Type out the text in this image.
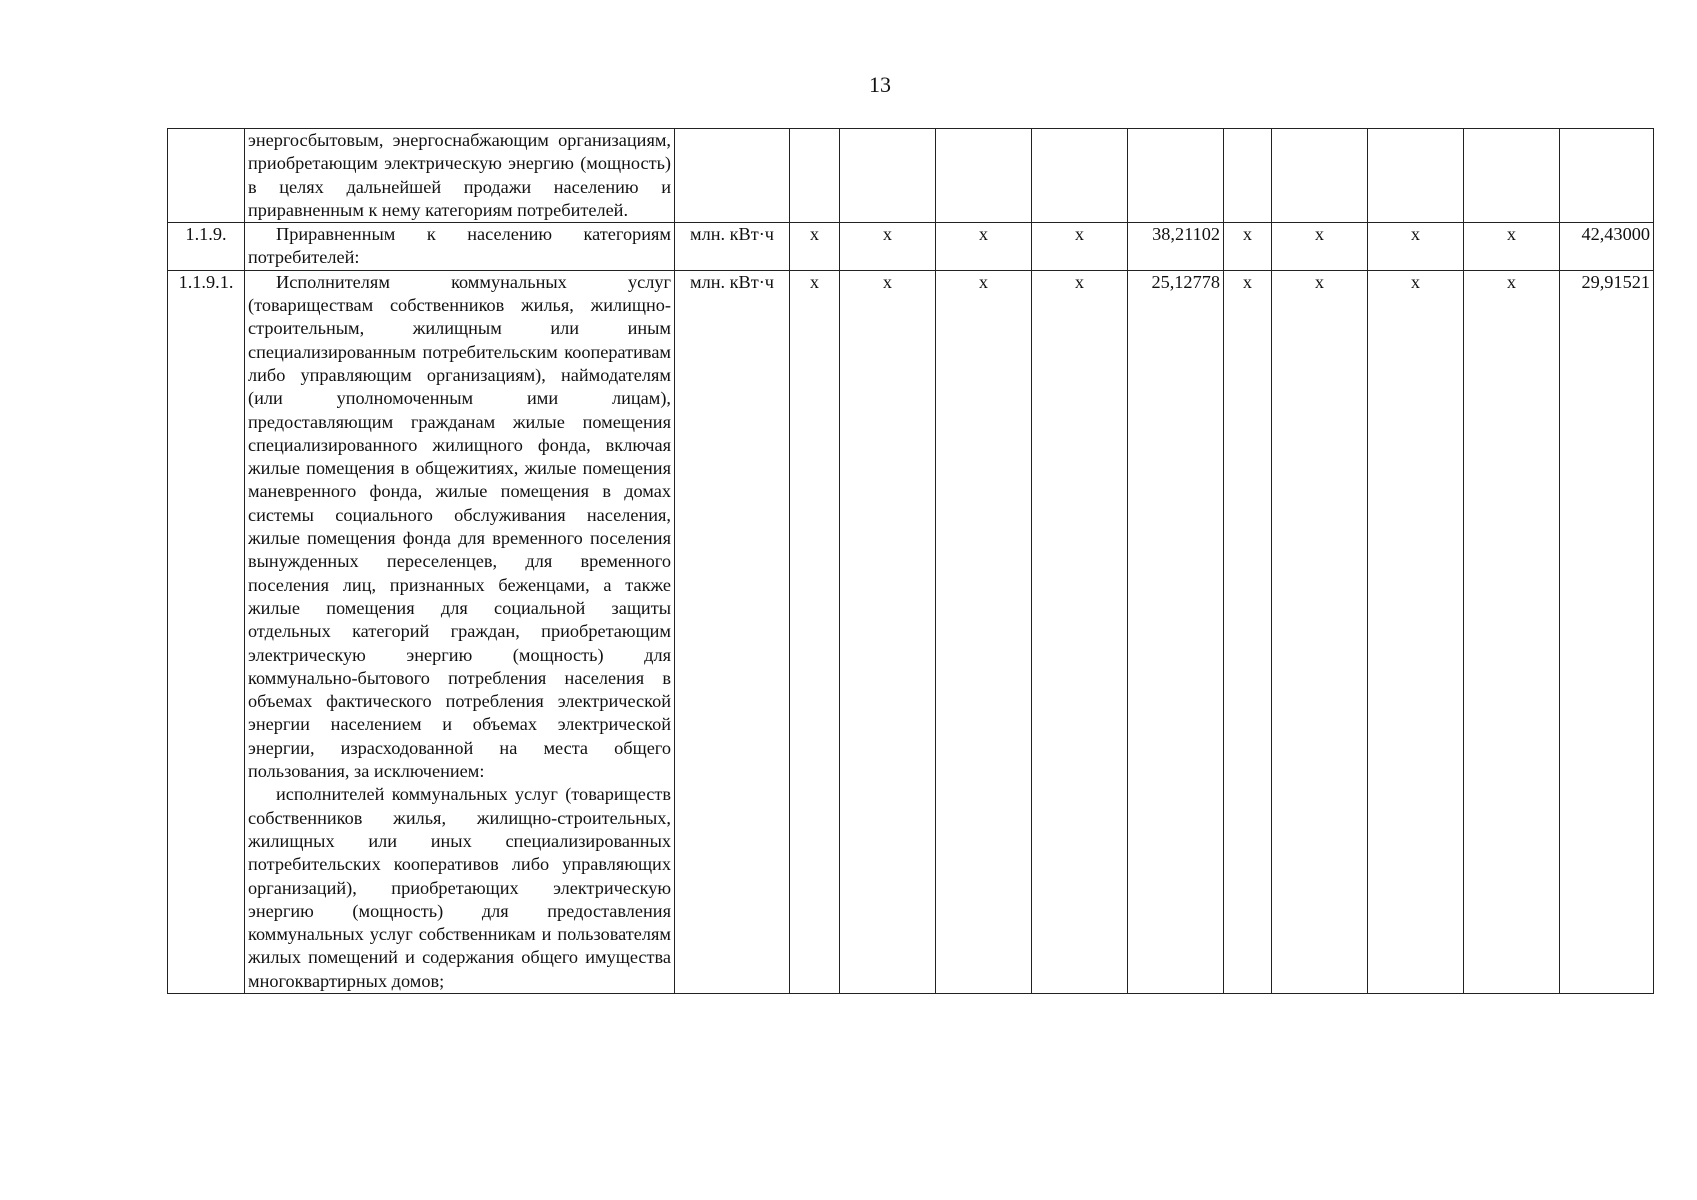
13

	энергосбытовым, энергоснабжающим организациям, приобретающим электрическую энергию (мощность) в целях дальнейшей продажи населению и приравненным к нему категориям потребителей.											

1.1.9.	Приравненным к населению категориям потребителей:	млн. кВт·ч	х	х	х	х	38,21102	х	х	х	х	42,43000
1.1.9.1.	Исполнителям коммунальных услуг (товариществам собственников жилья, жилищно-строительным, жилищным или иным специализированным потребительским кооперативам либо управляющим организациям), наймодателям (или уполномоченным ими лицам), предоставляющим гражданам жилые помещения специализированного жилищного фонда, включая жилые помещения в общежитиях, жилые помещения маневренного фонда, жилые помещения в домах системы социального обслуживания населения, жилые помещения фонда для временного поселения вынужденных переселенцев, для временного поселения лиц, признанных беженцами, а также жилые помещения для социальной защиты отдельных категорий граждан, приобретающим электрическую энергию (мощность) для коммунально-бытового потребления населения в объемах фактического потребления электрической энергии населением и объемах электрической энергии, израсходованной на места общего пользования, за исключением:
исполнителей коммунальных услуг (товариществ собственников жилья, жилищно-строительных, жилищных или иных специализированных потребительских кооперативов либо управляющих организаций), приобретающих электрическую энергию (мощность) для предоставления коммунальных услуг собственникам и пользователям жилых помещений и содержания общего имущества многоквартирных домов;	млн. кВт·ч	х	х	х	х	25,12778	х	х	х	х	29,91521
